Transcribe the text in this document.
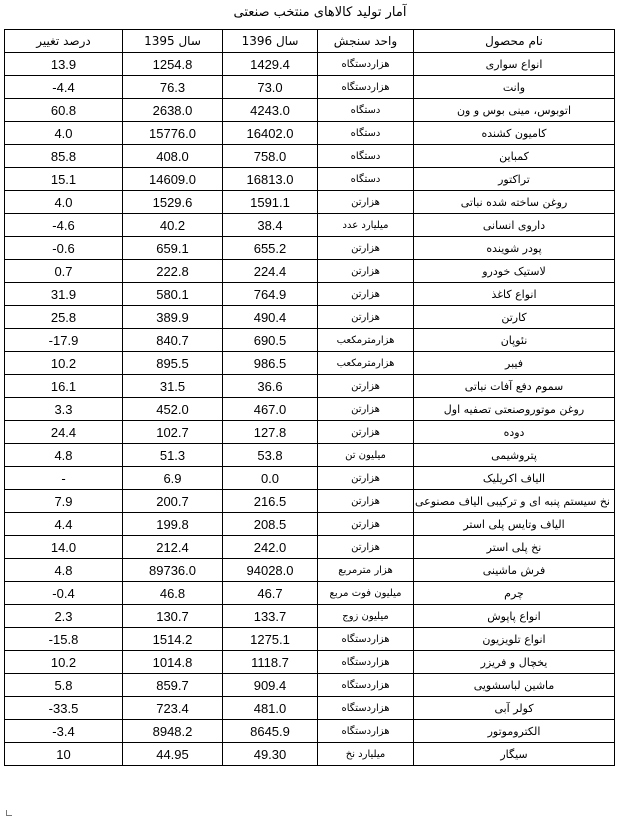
آمار تولید کالاهای منتخب صنعتی
نام محصول	واحد سنجش	سال 1396	سال 1395	درصد تغییر
انواع سواری	هزاردستگاه	1429.4	1254.8	13.9
وانت	هزاردستگاه	73.0	76.3	-4.4
اتوبوس، مینی بوس و ون	دستگاه	4243.0	2638.0	60.8
کامیون کشنده	دستگاه	16402.0	15776.0	4.0
کمباین	دستگاه	758.0	408.0	85.8
تراکتور	دستگاه	16813.0	14609.0	15.1
روغن ساخته شده نباتی	هزارتن	1591.1	1529.6	4.0
داروی انسانی	میلیارد عدد	38.4	40.2	-4.6
پودر شوینده	هزارتن	655.2	659.1	-0.6
لاستیک خودرو	هزارتن	224.4	222.8	0.7
انواع کاغذ	هزارتن	764.9	580.1	31.9
کارتن	هزارتن	490.4	389.9	25.8
نئوپان	هزارمترمکعب	690.5	840.7	-17.9
فیبر	هزارمترمکعب	986.5	895.5	10.2
سموم دفع آفات نباتی	هزارتن	36.6	31.5	16.1
روغن موتوروصنعتی تصفیه اول	هزارتن	467.0	452.0	3.3
دوده	هزارتن	127.8	102.7	24.4
پتروشیمی	میلیون تن	53.8	51.3	4.8
الیاف اکریلیک	هزارتن	0.0	6.9	-
نخ سیستم پنبه ای و ترکیبی الیاف مصنوعی	هزارتن	216.5	200.7	7.9
الیاف وتایس پلی استر	هزارتن	208.5	199.8	4.4
نخ پلی استر	هزارتن	242.0	212.4	14.0
فرش ماشینی	هزار مترمربع	94028.0	89736.0	4.8
چرم	میلیون فوت مربع	46.7	46.8	-0.4
انواع پاپوش	میلیون زوج	133.7	130.7	2.3
انواع تلویزیون	هزاردستگاه	1275.1	1514.2	-15.8
یخچال و فریزر	هزاردستگاه	1118.7	1014.8	10.2
ماشین لباسشویی	هزاردستگاه	909.4	859.7	5.8
کولر آبی	هزاردستگاه	481.0	723.4	-33.5
الکتروموتور	هزاردستگاه	8645.9	8948.2	-3.4
سیگار	میلیارد نخ	49.30	44.95	10
